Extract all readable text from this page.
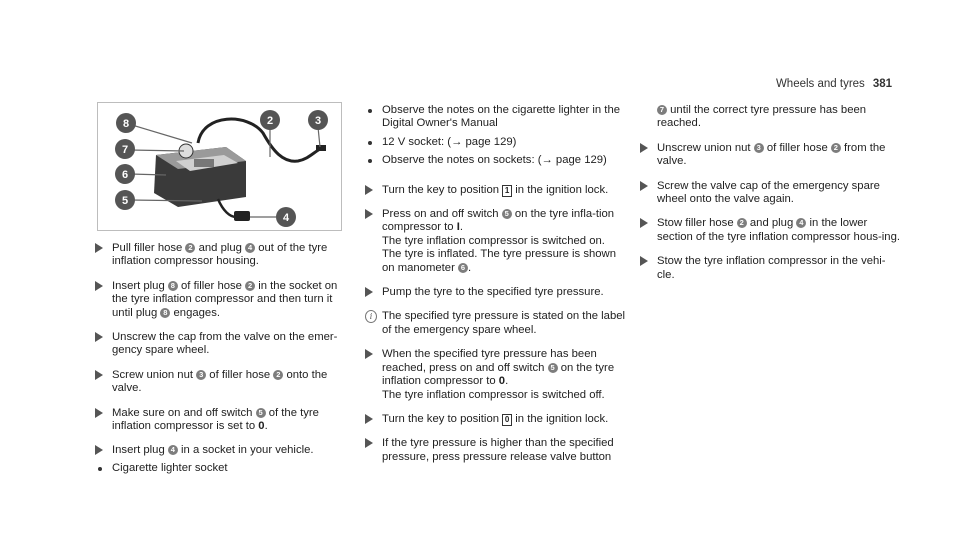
Wheels and tyres 381
8
7
6
5
2	3
4
Pull filler hose 2 and plug 4 out of the tyre inflation compressor housing.
Insert plug 8 of filler hose 2 in the socket on the tyre inflation compressor and then turn it until plug 8 engages.
Unscrew the cap from the valve on the emer-gency spare wheel.
Screw union nut 3 of filler hose 2 onto the valve.
Make sure on and off switch 5 of the tyre inflation compressor is set to 0.
Insert plug 4 in a socket in your vehicle.
Cigarette lighter socket
Observe the notes on the cigarette lighter in the Digital Owner's Manual
12 V socket: (→ page 129)
Observe the notes on sockets: (→ page 129)
Turn the key to position 1 in the ignition lock.

Press on and off switch 5 on the tyre infla-tion compressor to I.

The tyre inflation compressor is switched on.

The tyre is inflated. The tyre pressure is shown on manometer 6 .

Pump the tyre to the specified tyre pressure.
i The specified tyre pressure is stated on the label of the emergency spare wheel.

When the specified tyre pressure has been reached, press on and off switch 5 on the tyre inflation compressor to 0.

The tyre inflation compressor is switched off.

Turn the key to position 0 in the ignition lock.
If the tyre pressure is higher than the specified pressure, press pressure release valve button
7 until the correct tyre pressure has been reached.
Unscrew union nut 3 of filler hose 2 from the valve.
Screw the valve cap of the emergency spare wheel onto the valve again.
Stow filler hose 2 and plug 4 in the lower section of the tyre inflation compressor hous-ing.
Stow the tyre inflation compressor in the vehi-cle.
